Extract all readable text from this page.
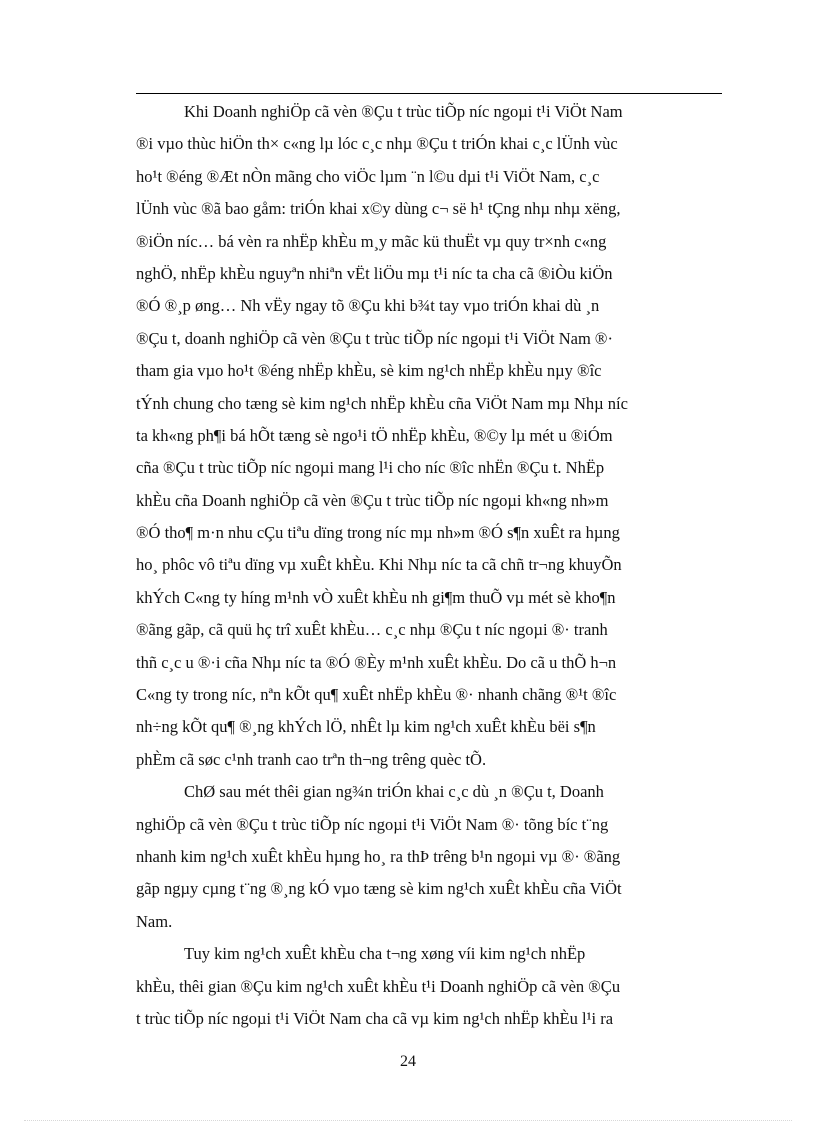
Khi Doanh nghiÖp cã vèn ®Çu t trùc tiÕp níc ngoµi t¹i ViÖt Nam
®i vµo thùc hiÖn th× c«ng lµ lóc c¸c nhµ ®Çu t triÓn khai c¸c lÜnh vùc
ho¹t ®éng ®Æt nÒn mãng cho viÖc lµm ¨n l©u dµi t¹i ViÖt Nam, c¸c
lÜnh vùc ®ã bao gåm: triÓn khai x©y dùng c¬ së h¹ tÇng nhµ nhµ xëng,
®iÖn níc… bá vèn ra nhËp khÈu m¸y mãc kü thuËt vµ quy tr×nh c«ng
nghÖ, nhËp khÈu nguyªn nhiªn vËt liÖu mµ t¹i níc ta cha cã ®iÒu kiÖn
®Ó ®¸p øng… Nh vËy ngay tõ ®Çu khi b¾t tay vµo triÓn khai dù ¸n
®Çu t, doanh nghiÖp cã vèn ®Çu t trùc tiÕp níc ngoµi t¹i ViÖt Nam ®·
tham gia vµo ho¹t ®éng nhËp khÈu, sè kim ng¹ch nhËp khÈu nµy ®îc
tÝnh chung cho tæng sè kim ng¹ch nhËp khÈu cña ViÖt Nam mµ Nhµ níc
ta kh«ng ph¶i bá hÕt tæng sè ngo¹i tÖ nhËp khÈu, ®©y lµ mét u ®iÓm
cña ®Çu t trùc tiÕp níc ngoµi mang l¹i cho níc ®îc nhËn ®Çu t. NhËp
khÈu cña Doanh nghiÖp cã vèn ®Çu t trùc tiÕp níc ngoµi kh«ng nh»m
®Ó tho¶ m·n nhu cÇu tiªu dïng trong níc mµ nh»m ®Ó s¶n xuÊt ra hµng
ho¸ phôc vô tiªu dïng vµ xuÊt khÈu. Khi Nhµ níc ta cã chñ tr¬ng khuyÕn
khÝch C«ng ty híng m¹nh vÒ xuÊt khÈu nh gi¶m thuÕ vµ mét sè kho¶n
®ãng gãp, cã quü hç trî xuÊt khÈu… c¸c nhµ ®Çu t níc ngoµi ®· tranh
thñ c¸c u ®·i cña Nhµ níc ta ®Ó ®Èy m¹nh xuÊt khÈu. Do cã u thÕ h¬n
C«ng ty trong níc, nªn kÕt qu¶ xuÊt nhËp khÈu ®· nhanh chãng ®¹t ®îc
nh÷ng kÕt qu¶ ®¸ng khÝch lÖ, nhÊt lµ kim ng¹ch xuÊt khÈu bëi s¶n
phÈm cã søc c¹nh tranh cao trªn th¬ng trêng quèc tÕ.
ChØ sau mét thêi gian ng¾n triÓn khai c¸c dù ¸n ®Çu t, Doanh
nghiÖp cã vèn ®Çu t trùc tiÕp níc ngoµi t¹i ViÖt Nam ®· tõng bíc t¨ng
nhanh kim ng¹ch xuÊt khÈu hµng ho¸ ra thÞ trêng b¹n ngoµi vµ ®· ®ãng
gãp ngµy cµng t¨ng ®¸ng kÓ vµo tæng sè kim ng¹ch xuÊt khÈu cña ViÖt
Nam.
Tuy kim ng¹ch xuÊt khÈu cha t¬ng xøng víi kim ng¹ch nhËp
khÈu, thêi gian ®Çu kim ng¹ch xuÊt khÈu t¹i Doanh nghiÖp cã vèn ®Çu
t trùc tiÕp níc ngoµi t¹i ViÖt Nam cha cã vµ kim ng¹ch nhËp khÈu l¹i ra
24
